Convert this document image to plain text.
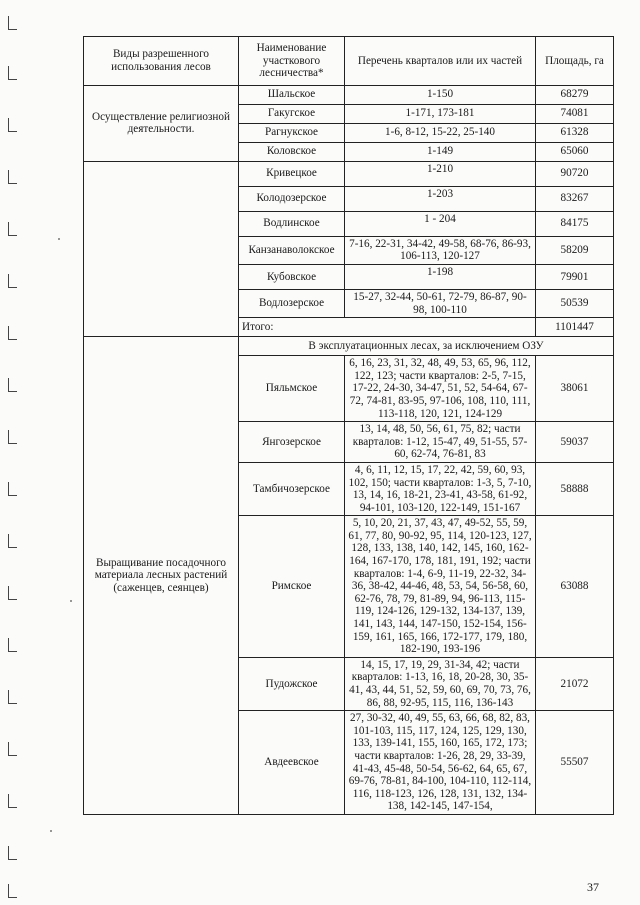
Виды разрешенного использования лесов	Наименование участкового лесничества*	Перечень кварталов или их частей	Площадь, га
Осуществление религиозной деятельности.	Шальское	1-150	68279
	Гакугское	1-171, 173-181	74081
	Рагнукское	1-6, 8-12, 15-22, 25-140	61328
	Коловское	1-149	65060
	Кривецкое	1-210	90720
	Колодозерское	1-203	83267
	Водлинское	1 - 204	84175
	Канзанаволокское	7-16, 22-31, 34-42, 49-58, 68-76, 86-93, 106-113, 120-127	58209
	Кубовское	1-198	79901
	Водлозерское	15-27, 32-44, 50-61, 72-79, 86-87, 90-98, 100-110	50539
	Итого:		1101447
Выращивание посадочного материала лесных растений (саженцев, сеянцев)	В эксплуатационных лесах, за исключением ОЗУ		
	Пяльмское	6, 16, 23, 31, 32, 48, 49, 53, 65, 96, 112, 122, 123; части кварталов: 2-5, 7-15, 17-22, 24-30, 34-47, 51, 52, 54-64, 67-72, 74-81, 83-95, 97-106, 108, 110, 111, 113-118, 120, 121, 124-129	38061
	Янгозерское	13, 14, 48, 50, 56, 61, 75, 82; части кварталов: 1-12, 15-47, 49, 51-55, 57-60, 62-74, 76-81, 83	59037
	Тамбичозерское	4, 6, 11, 12, 15, 17, 22, 42, 59, 60, 93, 102, 150; части кварталов: 1-3, 5, 7-10, 13, 14, 16, 18-21, 23-41, 43-58, 61-92, 94-101, 103-120, 122-149, 151-167	58888
	Римское	5, 10, 20, 21, 37, 43, 47, 49-52, 55, 59, 61, 77, 80, 90-92, 95, 114, 120-123, 127, 128, 133, 138, 140, 142, 145, 160, 162-164, 167-170, 178, 181, 191, 192; части кварталов: 1-4, 6-9, 11-19, 22-32, 34-36, 38-42, 44-46, 48, 53, 54, 56-58, 60, 62-76, 78, 79, 81-89, 94, 96-113, 115-119, 124-126, 129-132, 134-137, 139, 141, 143, 144, 147-150, 152-154, 156-159, 161, 165, 166, 172-177, 179, 180, 182-190, 193-196	63088
	Пудожское	14, 15, 17, 19, 29, 31-34, 42; части кварталов: 1-13, 16, 18, 20-28, 30, 35-41, 43, 44, 51, 52, 59, 60, 69, 70, 73, 76, 86, 88, 92-95, 115, 116, 136-143	21072
	Авдеевское	27, 30-32, 40, 49, 55, 63, 66, 68, 82, 83, 101-103, 115, 117, 124, 125, 129, 130, 133, 139-141, 155, 160, 165, 172, 173; части кварталов: 1-26, 28, 29, 33-39, 41-43, 45-48, 50-54, 56-62, 64, 65, 67, 69-76, 78-81, 84-100, 104-110, 112-114, 116, 118-123, 126, 128, 131, 132, 134-138, 142-145, 147-154,	55507
37
